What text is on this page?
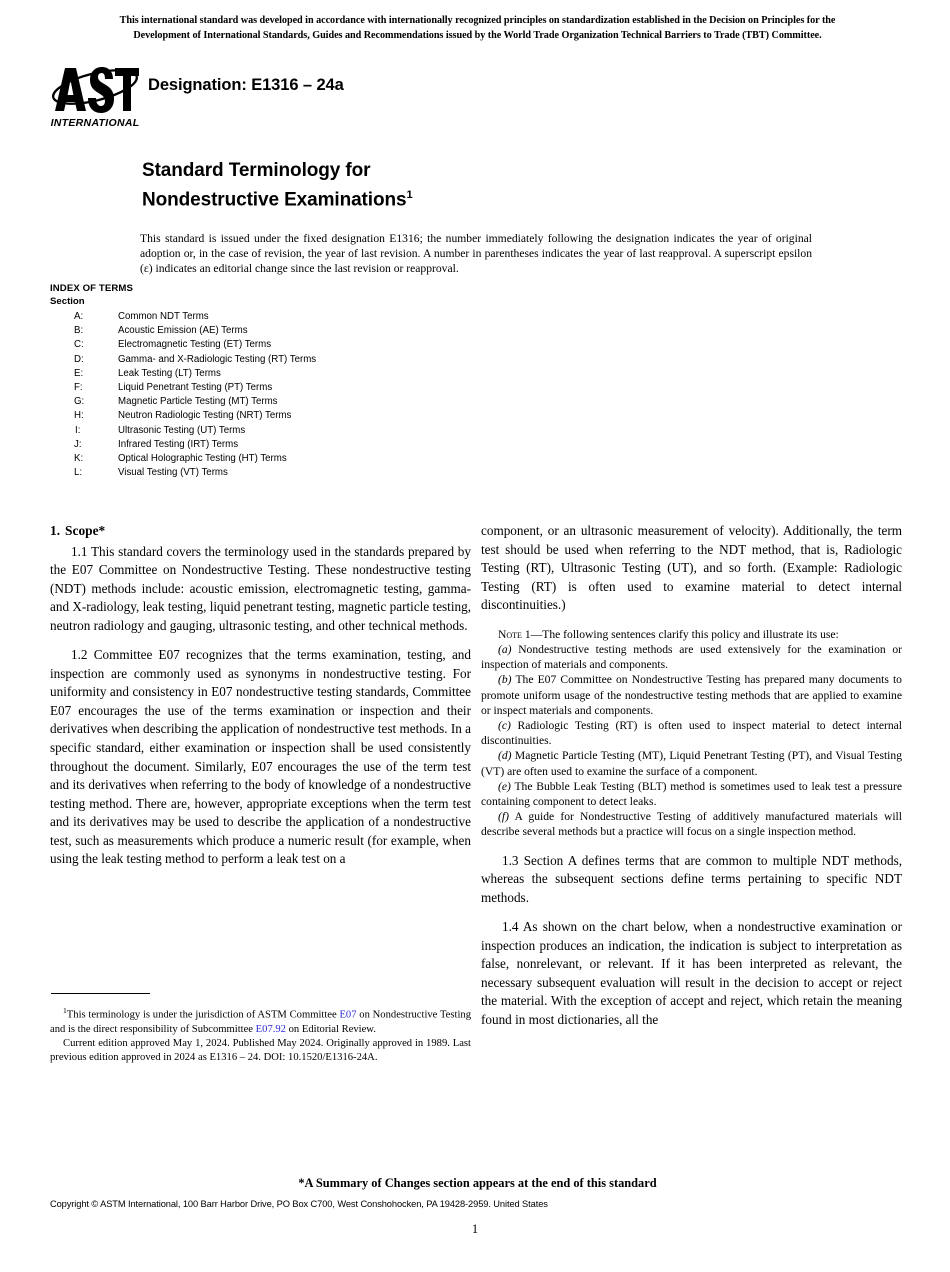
This international standard was developed in accordance with internationally recognized principles on standardization established in the Decision on Principles for the
Development of International Standards, Guides and Recommendations issued by the World Trade Organization Technical Barriers to Trade (TBT) Committee.
INTERNATIONAL
Designation: E1316 – 24a
Standard Terminology for
Nondestructive Examinations$^1$
This standard is issued under the fixed designation E1316; the number immediately following the designation indicates the year of original adoption or, in the case of revision, the year of last revision. A number in parentheses indicates the year of last reapproval. A superscript epsilon (ε) indicates an editorial change since the last revision or reapproval.
INDEX OF TERMS
Section
A:	Common NDT Terms
B:	Acoustic Emission (AE) Terms
C:	Electromagnetic Testing (ET) Terms
D:	Gamma- and X-Radiologic Testing (RT) Terms
E:	Leak Testing (LT) Terms
F:	Liquid Penetrant Testing (PT) Terms
G:	Magnetic Particle Testing (MT) Terms
H:	Neutron Radiologic Testing (NRT) Terms
I:	Ultrasonic Testing (UT) Terms
J:	Infrared Testing (IRT) Terms
K:	Optical Holographic Testing (HT) Terms
L:	Visual Testing (VT) Terms
1. Scope*

1.1 This standard covers the terminology used in the standards prepared by the E07 Committee on Nondestructive Testing. These nondestructive testing (NDT) methods include: acoustic emission, electromagnetic testing, gamma- and X-radiology, leak testing, liquid penetrant testing, magnetic particle testing, neutron radiology and gauging, ultrasonic testing, and other technical methods.

1.2 Committee E07 recognizes that the terms examination, testing, and inspection are commonly used as synonyms in nondestructive testing. For uniformity and consistency in E07 nondestructive testing standards, Committee E07 encourages the use of the terms examination or inspection and their derivatives when describing the application of nondestructive test methods. In a specific standard, either examination or inspection shall be used consistently throughout the document. Similarly, E07 encourages the use of the term test and its derivatives when referring to the body of knowledge of a nondestructive testing method. There are, however, appropriate exceptions when the term test and its derivatives may be used to describe the application of a nondestructive test, such as measurements which produce a numeric result (for example, when using the leak testing method to perform a leak test on a

component, or an ultrasonic measurement of velocity). Additionally, the term test should be used when referring to the NDT method, that is, Radiologic Testing (RT), Ultrasonic Testing (UT), and so forth. (Example: Radiologic Testing (RT) is often used to examine material to detect internal discontinuities.)

Note 1—The following sentences clarify this policy and illustrate its use:

(a) Nondestructive testing methods are used extensively for the examination or inspection of materials and components.

(b) The E07 Committee on Nondestructive Testing has prepared many documents to promote uniform usage of the nondestructive testing methods that are applied to examine or inspect materials and components.

(c) Radiologic Testing (RT) is often used to inspect material to detect internal discontinuities.

(d) Magnetic Particle Testing (MT), Liquid Penetrant Testing (PT), and Visual Testing (VT) are often used to examine the surface of a component.

(e) The Bubble Leak Testing (BLT) method is sometimes used to leak test a pressure containing component to detect leaks.

(f) A guide for Nondestructive Testing of additively manufactured materials will describe several methods but a practice will focus on a single inspection method.

1.3 Section A defines terms that are common to multiple NDT methods, whereas the subsequent sections define terms pertaining to specific NDT methods.

1.4 As shown on the chart below, when a nondestructive examination or inspection produces an indication, the indication is subject to interpretation as false, nonrelevant, or relevant. If it has been interpreted as relevant, the necessary subsequent evaluation will result in the decision to accept or reject the material. With the exception of accept and reject, which retain the meaning found in most dictionaries, all the

$^1$This terminology is under the jurisdiction of ASTM Committee E07 on Nondestructive Testing and is the direct responsibility of Subcommittee E07.92 on Editorial Review.

Current edition approved May 1, 2024. Published May 2024. Originally approved in 1989. Last previous edition approved in 2024 as E1316 – 24. DOI: 10.1520/E1316-24A.

*A Summary of Changes section appears at the end of this standard
Copyright © ASTM International, 100 Barr Harbor Drive, PO Box C700, West Conshohocken, PA 19428-2959. United States
1
